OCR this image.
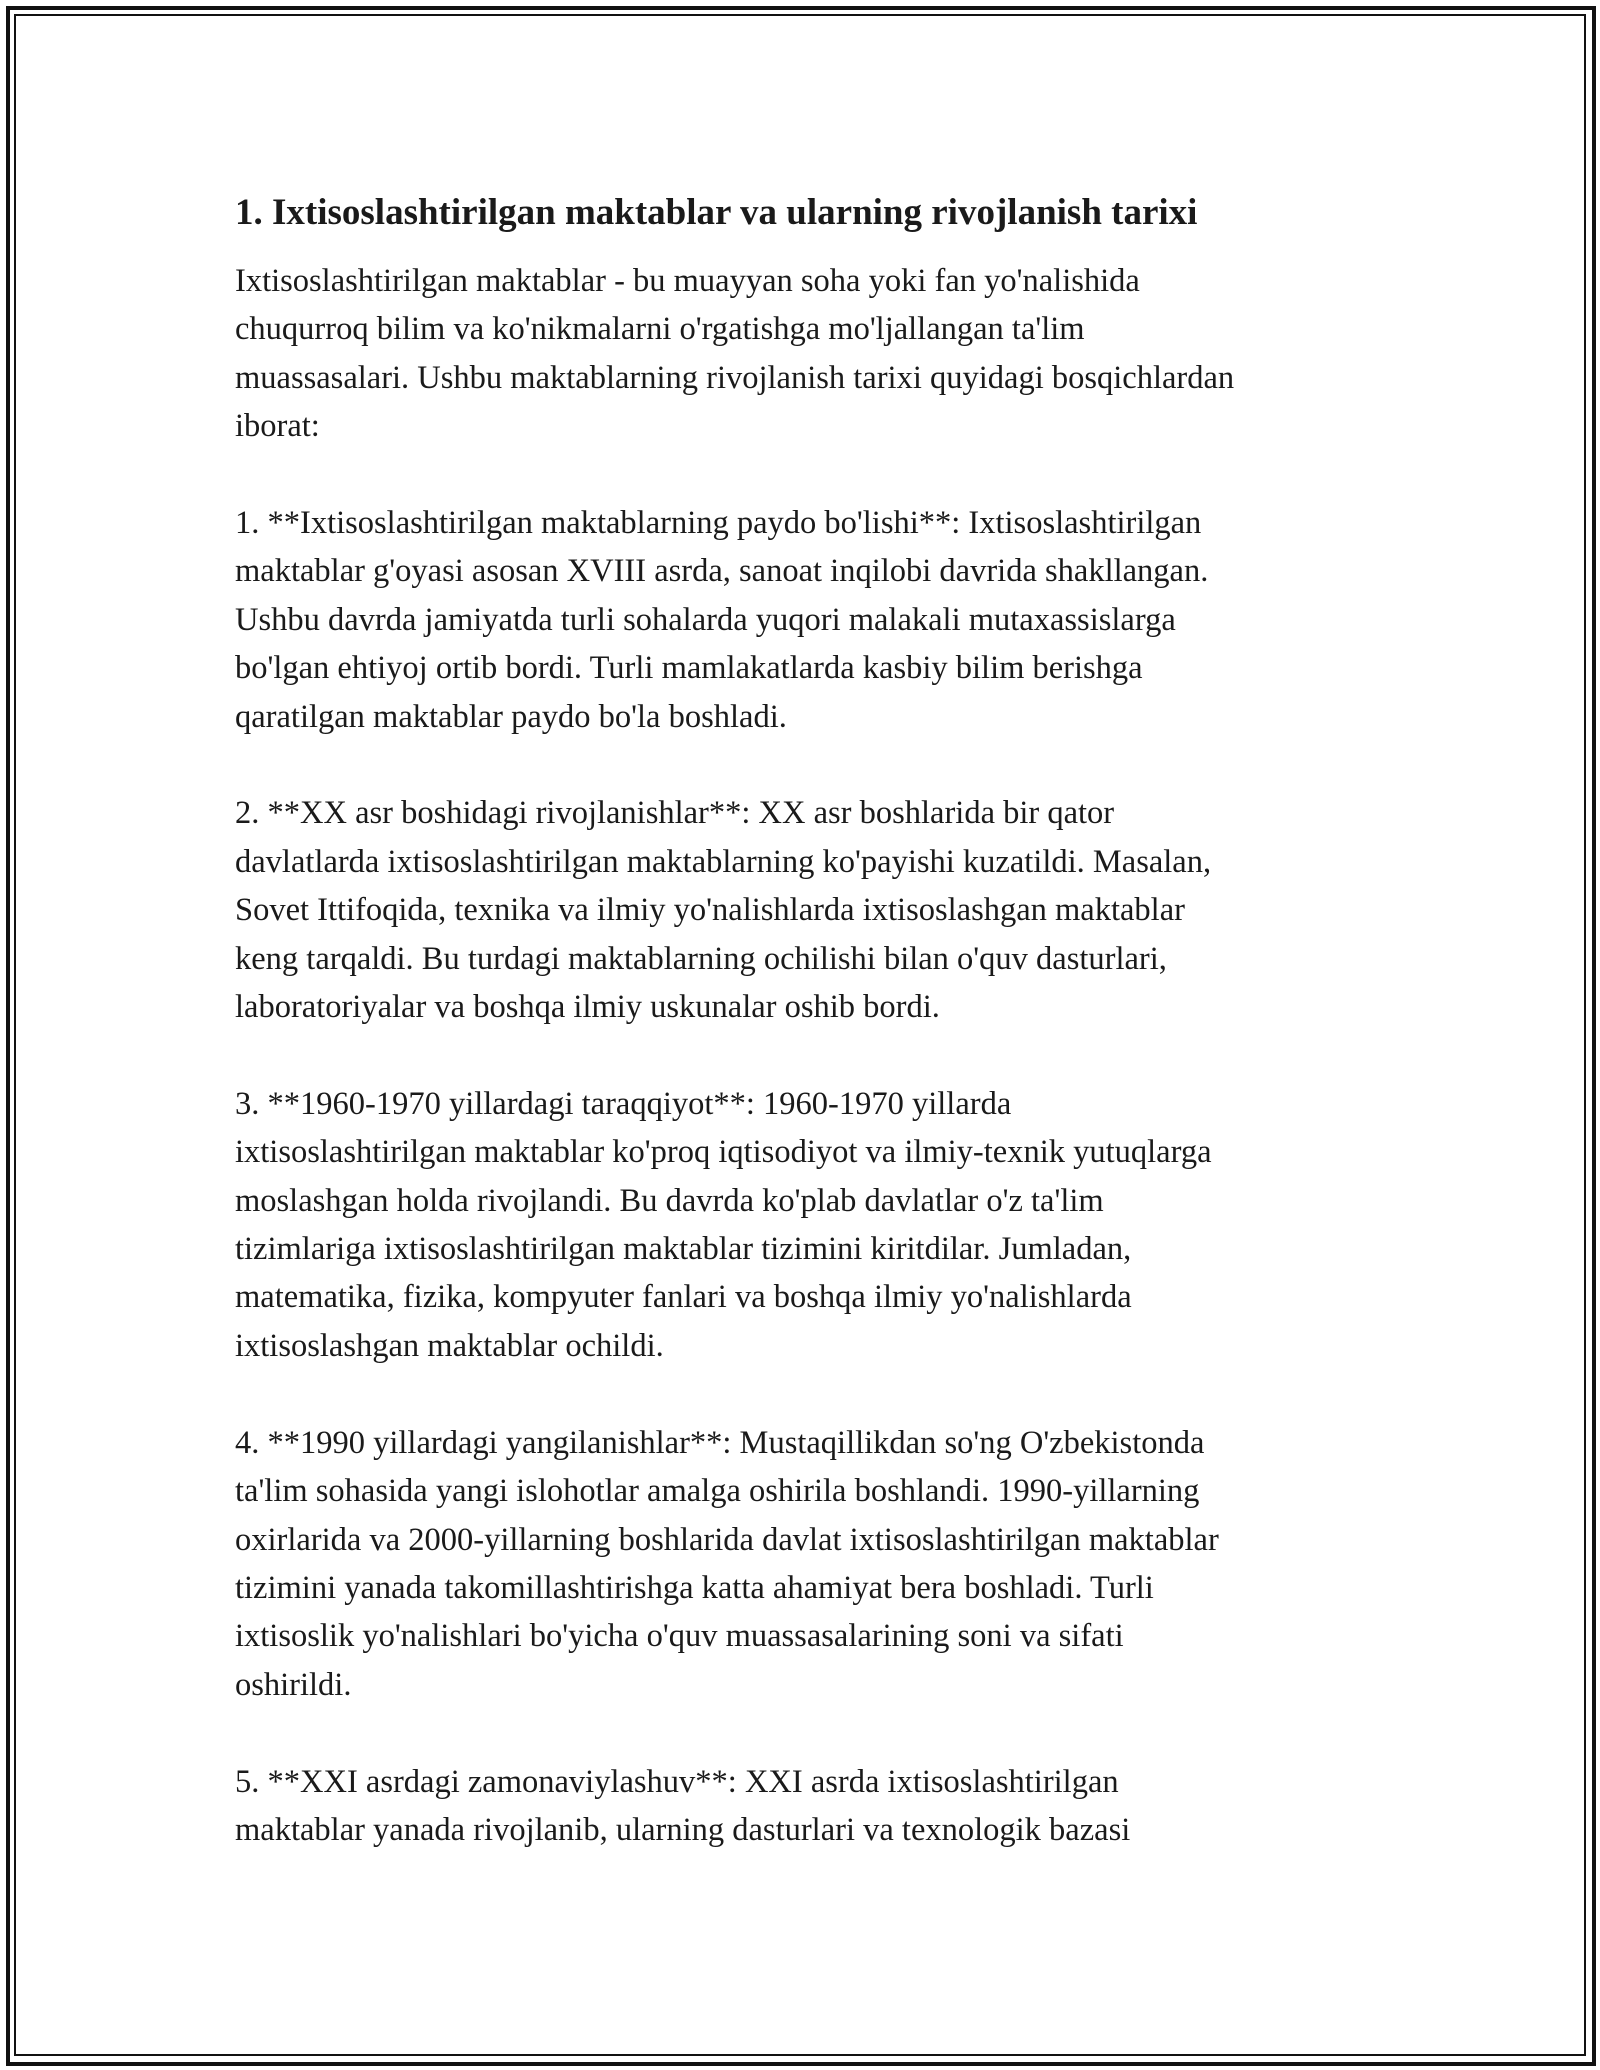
1. Ixtisoslashtirilgan maktablar va ularning rivojlanish tarixi

Ixtisoslashtirilgan maktablar - bu muayyan soha yoki fan yo'nalishida
chuqurroq bilim va ko'nikmalarni o'rgatishga mo'ljallangan ta'lim
muassasalari. Ushbu maktablarning rivojlanish tarixi quyidagi bosqichlardan
iborat:

1. **Ixtisoslashtirilgan maktablarning paydo bo'lishi**: Ixtisoslashtirilgan
maktablar g'oyasi asosan XVIII asrda, sanoat inqilobi davrida shakllangan.
Ushbu davrda jamiyatda turli sohalarda yuqori malakali mutaxassislarga
bo'lgan ehtiyoj ortib bordi. Turli mamlakatlarda kasbiy bilim berishga
qaratilgan maktablar paydo bo'la boshladi.

2. **XX asr boshidagi rivojlanishlar**: XX asr boshlarida bir qator
davlatlarda ixtisoslashtirilgan maktablarning ko'payishi kuzatildi. Masalan,
Sovet Ittifoqida, texnika va ilmiy yo'nalishlarda ixtisoslashgan maktablar
keng tarqaldi. Bu turdagi maktablarning ochilishi bilan o'quv dasturlari,
laboratoriyalar va boshqa ilmiy uskunalar oshib bordi.

3. **1960-1970 yillardagi taraqqiyot**: 1960-1970 yillarda
ixtisoslashtirilgan maktablar ko'proq iqtisodiyot va ilmiy-texnik yutuqlarga
moslashgan holda rivojlandi. Bu davrda ko'plab davlatlar o'z ta'lim
tizimlariga ixtisoslashtirilgan maktablar tizimini kiritdilar. Jumladan,
matematika, fizika, kompyuter fanlari va boshqa ilmiy yo'nalishlarda
ixtisoslashgan maktablar ochildi.

4. **1990 yillardagi yangilanishlar**: Mustaqillikdan so'ng O'zbekistonda
ta'lim sohasida yangi islohotlar amalga oshirila boshlandi. 1990-yillarning
oxirlarida va 2000-yillarning boshlarida davlat ixtisoslashtirilgan maktablar
tizimini yanada takomillashtirishga katta ahamiyat bera boshladi. Turli
ixtisoslik yo'nalishlari bo'yicha o'quv muassasalarining soni va sifati
oshirildi.

5. **XXI asrdagi zamonaviylashuv**: XXI asrda ixtisoslashtirilgan
maktablar yanada rivojlanib, ularning dasturlari va texnologik bazasi
